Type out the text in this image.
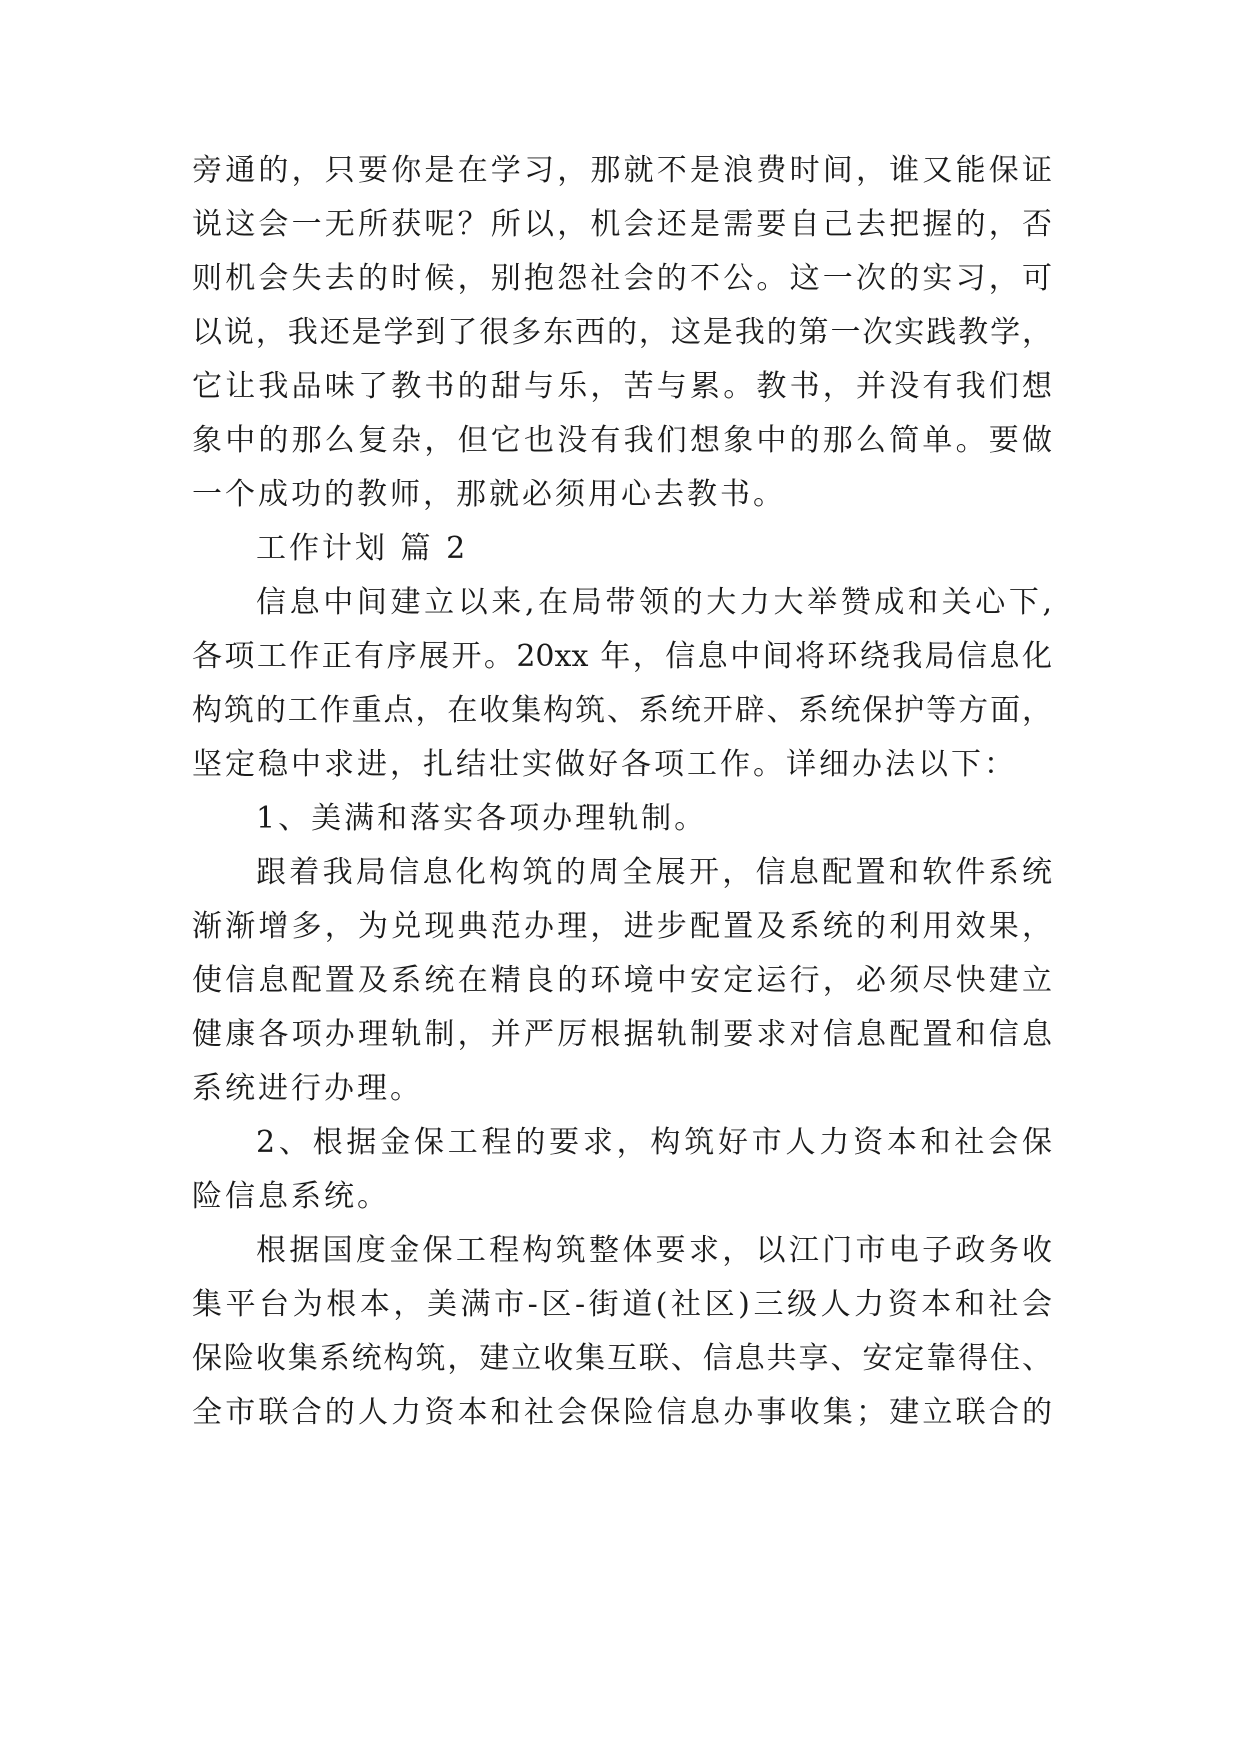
旁通的，只要你是在学习，那就不是浪费时间，谁又能保证
说这会一无所获呢？所以，机会还是需要自己去把握的，否
则机会失去的时候，别抱怨社会的不公。这一次的实习，可
以说，我还是学到了很多东西的，这是我的第一次实践教学，
它让我品味了教书的甜与乐，苦与累。教书，并没有我们想
象中的那么复杂，但它也没有我们想象中的那么简单。要做
一个成功的教师，那就必须用心去教书。
工作计划 篇 2
信息中间建立以来,在局带领的大力大举赞成和关心下,
各项工作正有序展开。20xx 年，信息中间将环绕我局信息化
构筑的工作重点，在收集构筑、系统开辟、系统保护等方面，
坚定稳中求进，扎结壮实做好各项工作。详细办法以下：
1、美满和落实各项办理轨制。
跟着我局信息化构筑的周全展开，信息配置和软件系统
渐渐增多，为兑现典范办理，进步配置及系统的利用效果，
使信息配置及系统在精良的环境中安定运行，必须尽快建立
健康各项办理轨制，并严厉根据轨制要求对信息配置和信息
系统进行办理。
2、根据金保工程的要求，构筑好市人力资本和社会保
险信息系统。
根据国度金保工程构筑整体要求，以江门市电子政务收
集平台为根本，美满市-区-街道(社区)三级人力资本和社会
保险收集系统构筑，建立收集互联、信息共享、安定靠得住、
全市联合的人力资本和社会保险信息办事收集；建立联合的
